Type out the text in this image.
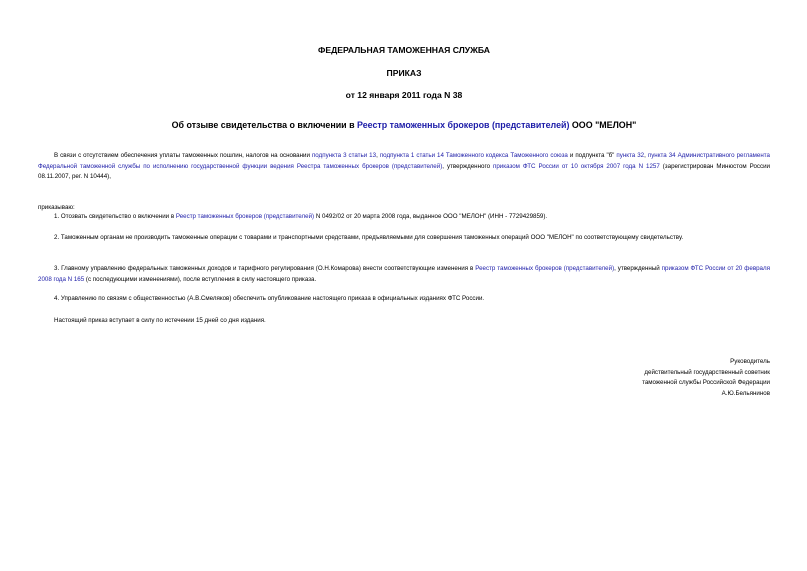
ФЕДЕРАЛЬНАЯ ТАМОЖЕННАЯ СЛУЖБА
ПРИКАЗ
от 12 января 2011 года N 38
Об отзыве свидетельства о включении в Реестр таможенных брокеров (представителей) ООО "МЕЛОН"
В связи с отсутствием обеспечения уплаты таможенных пошлин, налогов на основании подпункта 3 статьи 13, подпункта 1 статьи 14 Таможенного кодекса Таможенного союза и подпункта "б" пункта 32, пункта 34 Административного регламента Федеральной таможенной службы по исполнению государственной функции ведения Реестра таможенных брокеров (представителей), утвержденного приказом ФТС России от 10 октября 2007 года N 1257 (зарегистрирован Минюстом России 08.11.2007, рег. N 10444),
приказываю:
1. Отозвать свидетельство о включении в Реестр таможенных брокеров (представителей) N 0492/02 от 20 марта 2008 года, выданное ООО "МЕЛОН" (ИНН - 7729429859).
2. Таможенным органам не производить таможенные операции с товарами и транспортными средствами, предъявляемыми для совершения таможенных операций ООО "МЕЛОН" по соответствующему свидетельству.
3. Главному управлению федеральных таможенных доходов и тарифного регулирования (О.Н.Комарова) внести соответствующие изменения в Реестр таможенных брокеров (представителей), утвержденный приказом ФТС России от 20 февраля 2008 года N 165 (с последующими изменениями), после вступления в силу настоящего приказа.
4. Управлению по связям с общественностью (А.В.Смеляков) обеспечить опубликование настоящего приказа в официальных изданиях ФТС России.
Настоящий приказ вступает в силу по истечении 15 дней со дня издания.
Руководитель
действительный государственный советник
таможенной службы Российской Федерации
А.Ю.Бельянинов
